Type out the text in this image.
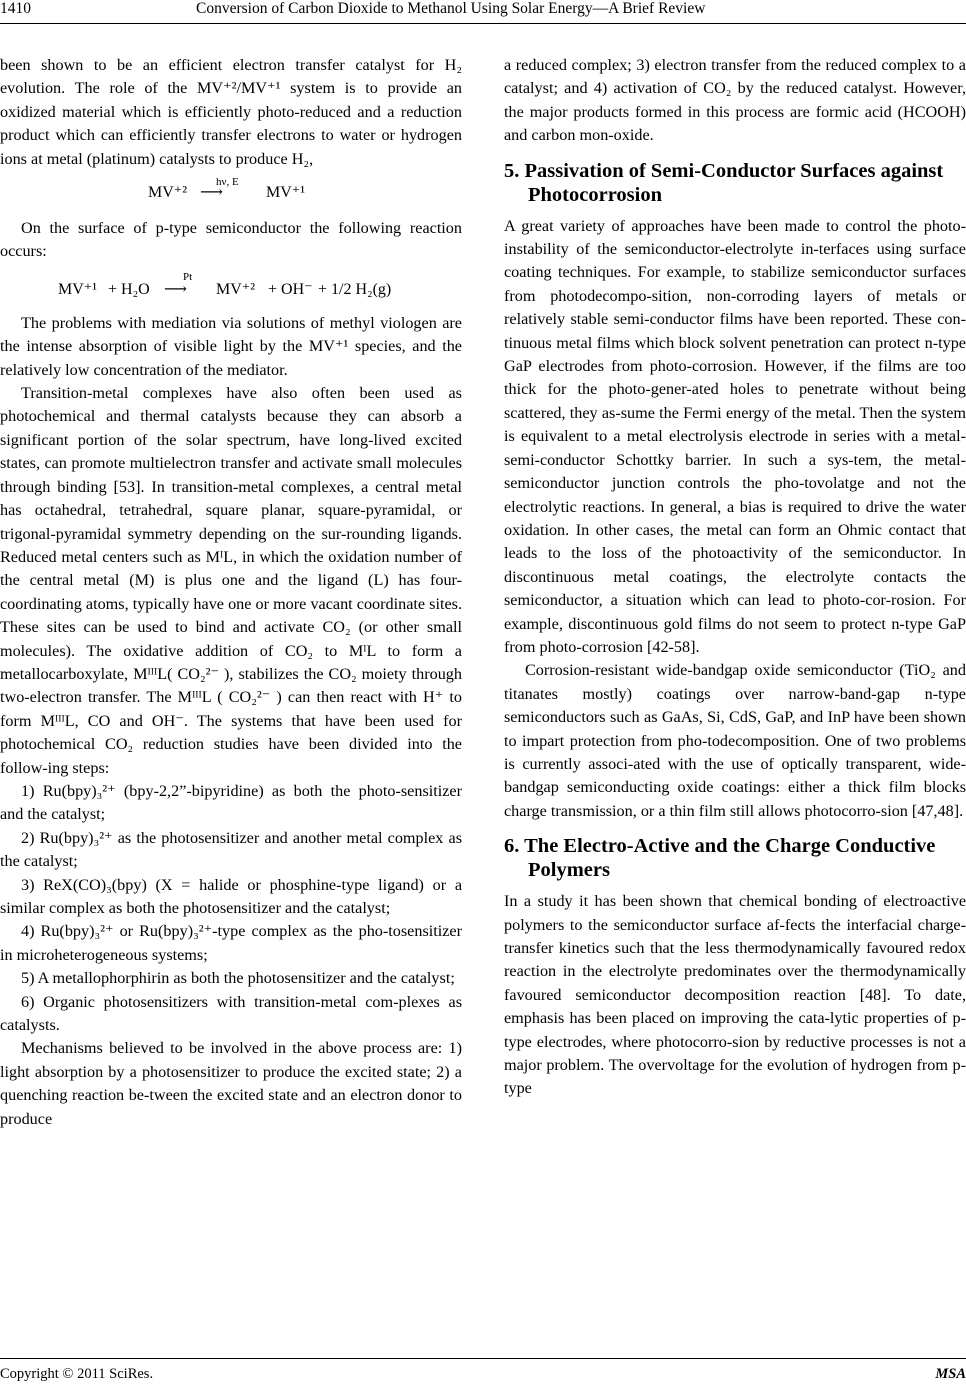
1410	Conversion of Carbon Dioxide to Methanol Using Solar Energy—A Brief Review

been shown to be an efficient electron transfer catalyst for H₂ evolution. The role of the MV⁺²/MV⁺¹ system is to provide an oxidized material which is efficiently photo-reduced and a reduction product which can efficiently transfer electrons to water or hydrogen ions at metal (platinum) catalysts to produce H₂,

MV⁺²
hν, E
⟶	MV⁺¹

On the surface of p-type semiconductor the following reaction occurs:

MV⁺¹ + H₂O
Pt
⟶ MV⁺² + OH⁻ + 1/2 H₂(g)

The problems with mediation via solutions of methyl viologen are the intense absorption of visible light by the MV⁺¹ species, and the relatively low concentration of the mediator.

Transition-metal complexes have also often been used as photochemical and thermal catalysts because they can absorb a significant portion of the solar spectrum, have long-lived excited states, can promote multielectron transfer and activate small molecules through binding [53]. In transition-metal complexes, a central metal has octahedral, tetrahedral, square planar, square-pyramidal, or trigonal-pyramidal symmetry depending on the sur-rounding ligands. Reduced metal centers such as MᴵL, in which the oxidation number of the central metal (M) is plus one and the ligand (L) has four-coordinating atoms, typically have one or more vacant coordinate sites. These sites can be used to bind and activate CO₂ (or other small molecules). The oxidative addition of CO₂ to MᴵL to form a metallocarboxylate, MᴵᴵᴵL( CO₂²⁻ ), stabilizes the CO₂ moiety through two-electron transfer. The MᴵᴵᴵL ( CO₂²⁻ ) can then react with H⁺ to form MᴵᴵᴵL, CO and OH⁻. The systems that have been used for photochemical CO₂ reduction studies have been divided into the follow-ing steps:

1) Ru(bpy)₃²⁺ (bpy-2,2”-bipyridine) as both the photo-sensitizer and the catalyst;

2) Ru(bpy)₃²⁺ as the photosensitizer and another metal complex as the catalyst;

3) ReX(CO)₃(bpy) (X = halide or phosphine-type ligand) or a similar complex as both the photosensitizer and the catalyst;

4) Ru(bpy)₃²⁺ or Ru(bpy)₃²⁺-type complex as the pho-tosensitizer in microheterogeneous systems;

5) A metallophorphirin as both the photosensitizer and the catalyst;

6) Organic photosensitizers with transition-metal com-plexes as catalysts.

Mechanisms believed to be involved in the above process are: 1) light absorption by a photosensitizer to produce the excited state; 2) a quenching reaction be-tween the excited state and an electron donor to produce

a reduced complex; 3) electron transfer from the reduced complex to a catalyst; and 4) activation of CO₂ by the reduced catalyst. However, the major products formed in this process are formic acid (HCOOH) and carbon mon-oxide.

5. Passivation of Semi-Conductor Surfaces against Photocorrosion

A great variety of approaches have been made to control the photo-instability of the semiconductor-electrolyte in-terfaces using surface coating techniques. For example, to stabilize semiconductor surfaces from photodecompo-sition, non-corroding layers of metals or relatively stable semi-conductor films have been reported. These con-tinuous metal films which block solvent penetration can protect n-type GaP electrodes from photo-corrosion. However, if the films are too thick for the photo-gener-ated holes to penetrate without being scattered, they as-sume the Fermi energy of the metal. Then the system is equivalent to a metal electrolysis electrode in series with a metal-semi-conductor Schottky barrier. In such a sys-tem, the metal-semiconductor junction controls the pho-tovolatge and not the electrolytic reactions. In general, a bias is required to drive the water oxidation. In other cases, the metal can form an Ohmic contact that leads to the loss of the photoactivity of the semiconductor. In discontinuous metal coatings, the electrolyte contacts the semiconductor, a situation which can lead to photo-cor-rosion. For example, discontinuous gold films do not seem to protect n-type GaP from photo-corrosion [42-58].

Corrosion-resistant wide-bandgap oxide semiconductor (TiO₂ and titanates mostly) coatings over narrow-band-gap n-type semiconductors such as GaAs, Si, CdS, GaP, and InP have been shown to impart protection from pho-todecomposition. One of two problems is currently associ-ated with the use of optically transparent, wide-bandgap semiconducting oxide coatings: either a thick film blocks charge transmission, or a thin film still allows photocorro-sion [47,48].

6. The Electro-Active and the Charge Conductive Polymers

In a study it has been shown that chemical bonding of electroactive polymers to the semiconductor surface af-fects the interfacial charge-transfer kinetics such that the less thermodynamically favoured redox reaction in the electrolyte predominates over the thermodynamically favoured semiconductor decomposition reaction [48]. To date, emphasis has been placed on improving the cata-lytic properties of p-type electrodes, where photocorro-sion by reductive processes is not a major problem. The overvoltage for the evolution of hydrogen from p-type

Copyright © 2011 SciRes.	MSA
